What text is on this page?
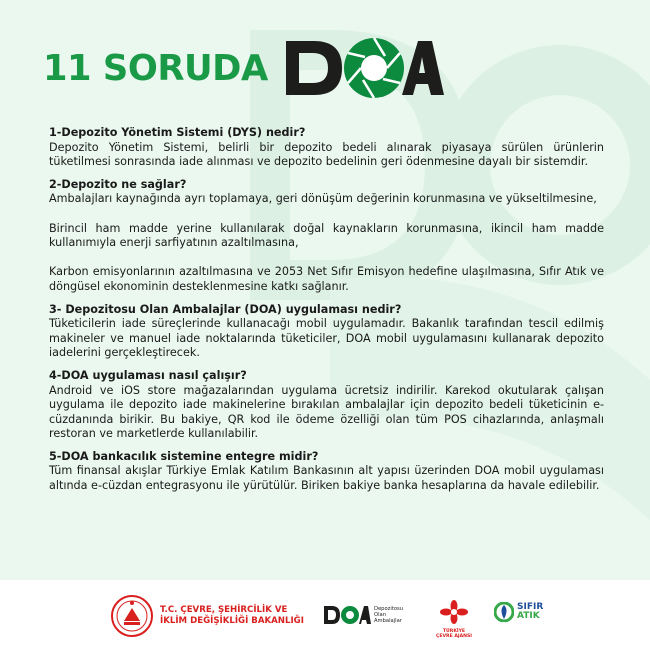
11 SORUDA

1-Depozito Yönetim Sistemi (DYS) nedir?

Depozito Yönetim Sistemi, belirli bir depozito bedeli alınarak piyasaya sürülen ürünlerin tüketilmesi sonrasında iade alınması ve depozito bedelinin geri ödenmesine dayalı bir sistemdir.

2-Depozito ne sağlar?

Ambalajları kaynağında ayrı toplamaya, geri dönüşüm değerinin korunmasına ve yükseltilmesine,

Birincil ham madde yerine kullanılarak doğal kaynakların korunmasına, ikincil ham madde kullanımıyla enerji sarfiyatının azaltılmasına,

Karbon emisyonlarının azaltılmasına ve 2053 Net Sıfır Emisyon hedefine ulaşılmasına, Sıfır Atık ve döngüsel ekonominin desteklenmesine katkı sağlanır.

3- Depozitosu Olan Ambalajlar (DOA) uygulaması nedir?

Tüketicilerin iade süreçlerinde kullanacağı mobil uygulamadır. Bakanlık tarafından tescil edilmiş makineler ve manuel iade noktalarında tüketiciler, DOA mobil uygulamasını kullanarak depozito iadelerini gerçekleştirecek.

4-DOA uygulaması nasıl çalışır?

Android ve iOS store mağazalarından uygulama ücretsiz indirilir. Karekod okutularak çalışan uygulama ile depozito iade makinelerine bırakılan ambalajlar için depozito bedeli tüketicinin e-cüzdanında birikir. Bu bakiye, QR kod ile ödeme özelliği olan tüm POS cihazlarında, anlaşmalı restoran ve marketlerde kullanılabilir.

5-DOA bankacılık sistemine entegre midir?

Tüm finansal akışlar Türkiye Emlak Katılım Bankasının alt yapısı üzerinden DOA mobil uygulaması altında e-cüzdan entegrasyonu ile yürütülür. Biriken bakiye banka hesaplarına da havale edilebilir.

T.C. ÇEVRE, ŞEHİRCİLİK VE
İKLİM DEĞİŞİKLİĞİ BAKANLIĞI
Depozitosu
Olan
Ambalajlar
TÜRKİYE
ÇEVRE AJANSI
SIFIR
ATIK
